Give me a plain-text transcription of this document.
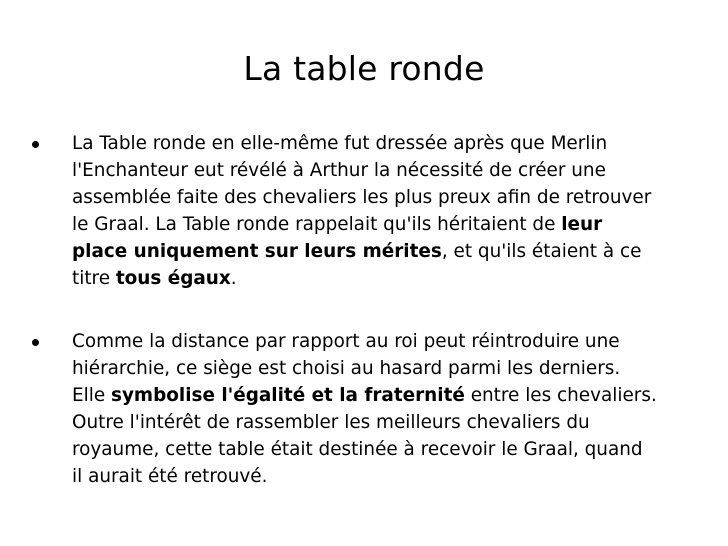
La table ronde
La Table ronde en elle-même fut dressée après que Merlin
l'Enchanteur eut révélé à Arthur la nécessité de créer une
assemblée faite des chevaliers les plus preux afin de retrouver
le Graal. La Table ronde rappelait qu'ils héritaient de leur
place uniquement sur leurs mérites, et qu'ils étaient à ce
titre tous égaux.
Comme la distance par rapport au roi peut réintroduire une
hiérarchie, ce siège est choisi au hasard parmi les derniers.
Elle symbolise l'égalité et la fraternité entre les chevaliers.
Outre l'intérêt de rassembler les meilleurs chevaliers du
royaume, cette table était destinée à recevoir le Graal, quand
il aurait été retrouvé.
